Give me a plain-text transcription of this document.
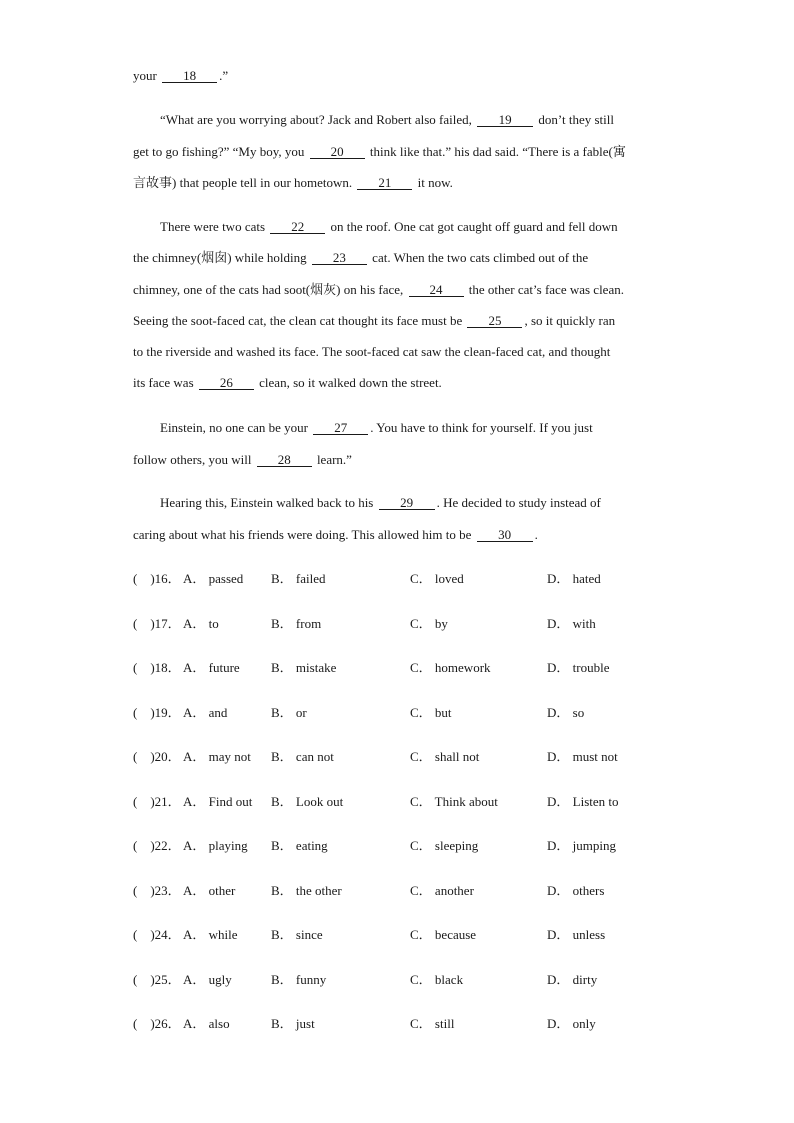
your 18 .”
“What are you worrying about? Jack and Robert also failed, 19 don’t they still
get to go fishing?” “My boy, you 20 think like that.” his dad said. “There is a fable(寓
言故事) that people tell in our hometown. 21 it now.
There were two cats 22 on the roof. One cat got caught off guard and fell down
the chimney(烟囱) while holding 23 cat. When the two cats climbed out of the
chimney, one of the cats had soot(烟灰) on his face, 24 the other cat’s face was clean.
Seeing the soot-faced cat, the clean cat thought its face must be 25 , so it quickly ran
to the riverside and washed its face. The soot-faced cat saw the clean-faced cat, and thought
its face was 26 clean, so it walked down the street.
Einstein, no one can be your 27 . You have to think for yourself. If you just
follow others, you will 28 learn.”
Hearing this, Einstein walked back to his 29 . He decided to study instead of
caring about what his friends were doing. This allowed him to be 30 .
(　)16． A． passed B． failed	C． loved	D． hated
(　)17． A． to	B． from	C． by	D． with
(　)18． A． future B． mistake	C． homework	D． trouble
(　)19． A． and	B． or	C． but	D． so
(　)20． A． may not B． can not	C． shall not	D． must not
(　)21． A． Find out B． Look out	C． Think about	D． Listen to
(　)22． A． playing B． eating	C． sleeping	D． jumping
(　)23． A． other	B． the other	C． another	D． others
(　)24． A． while	B． since	C． because	D． unless
(　)25． A． ugly	B． funny	C． black	D． dirty
(　)26． A． also	B． just	C． still	D． only
